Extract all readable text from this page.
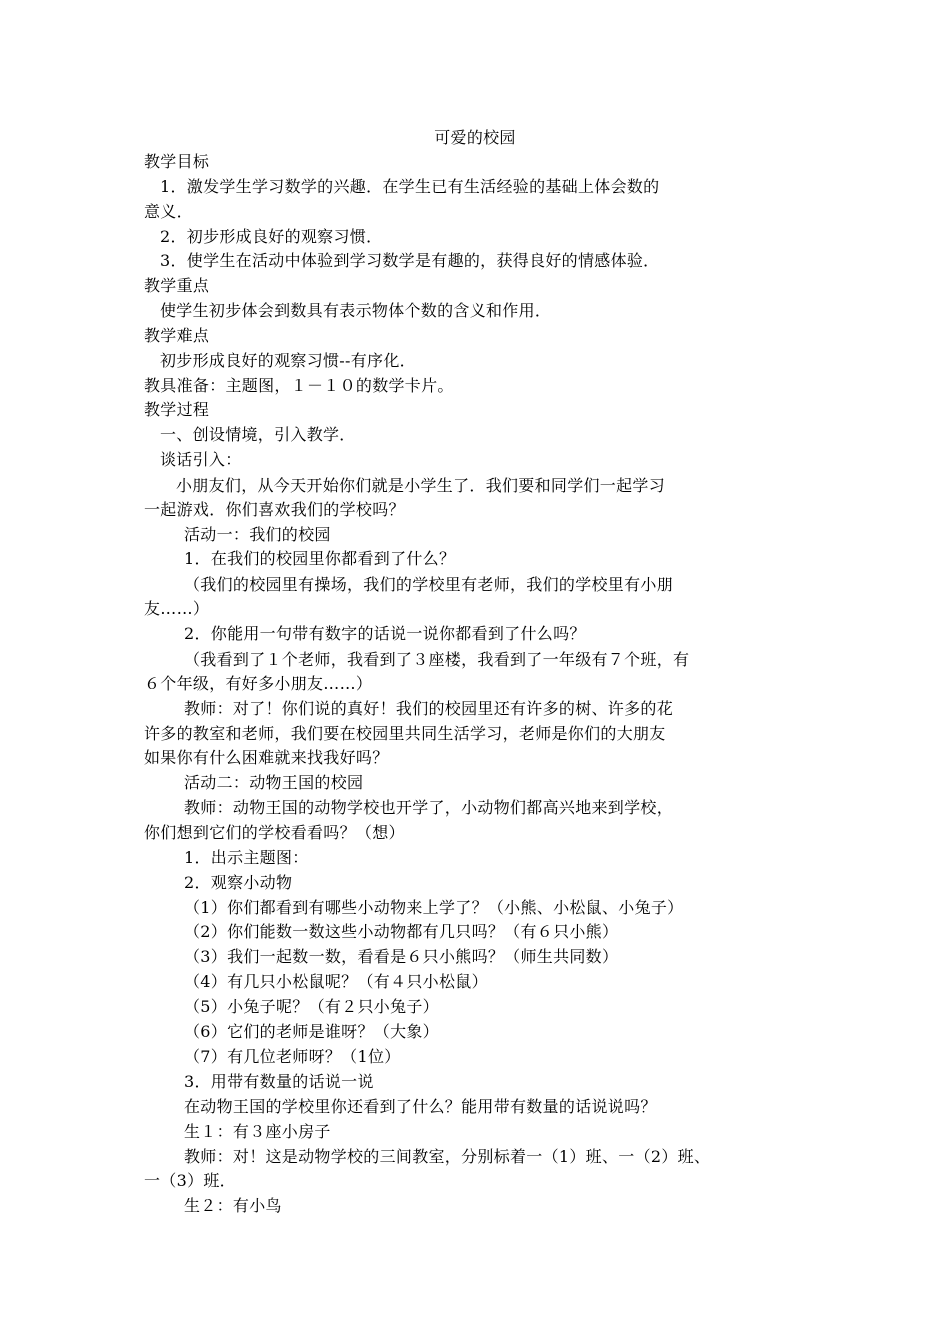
可爱的校园
教学目标
1．激发学生学习数学的兴趣．在学生已有生活经验的基础上体会数的
意义．
2．初步形成良好的观察习惯．
3．使学生在活动中体验到学习数学是有趣的，获得良好的情感体验．
教学重点
使学生初步体会到数具有表示物体个数的含义和作用．
教学难点
初步形成良好的观察习惯--有序化．
教具准备：主题图，１－１０的数学卡片。
教学过程
一、创设情境，引入教学．
谈话引入：
小朋友们，从今天开始你们就是小学生了．我们要和同学们一起学习
一起游戏．你们喜欢我们的学校吗？
活动一：我们的校园
1．在我们的校园里你都看到了什么？
（我们的校园里有操场，我们的学校里有老师，我们的学校里有小朋
友……）
2．你能用一句带有数字的话说一说你都看到了什么吗？
（我看到了１个老师，我看到了３座楼，我看到了一年级有７个班，有
６个年级，有好多小朋友……）
教师：对了！你们说的真好！我们的校园里还有许多的树、许多的花
许多的教室和老师，我们要在校园里共同生活学习，老师是你们的大朋友
如果你有什么困难就来找我好吗？
活动二：动物王国的校园
教师：动物王国的动物学校也开学了，小动物们都高兴地来到学校，
你们想到它们的学校看看吗？（想）
1．出示主题图：
2．观察小动物
（1）你们都看到有哪些小动物来上学了？（小熊、小松鼠、小兔子）
（2）你们能数一数这些小动物都有几只吗？（有６只小熊）
（3）我们一起数一数，看看是６只小熊吗？（师生共同数）
（4）有几只小松鼠呢？（有４只小松鼠）
（5）小兔子呢？（有２只小兔子）
（6）它们的老师是谁呀？（大象）
（7）有几位老师呀？（1位）
3．用带有数量的话说一说
在动物王国的学校里你还看到了什么？能用带有数量的话说说吗？
生１：有３座小房子
教师：对！这是动物学校的三间教室，分别标着一（1）班、一（2）班、
一（3）班．
生２：有小鸟
